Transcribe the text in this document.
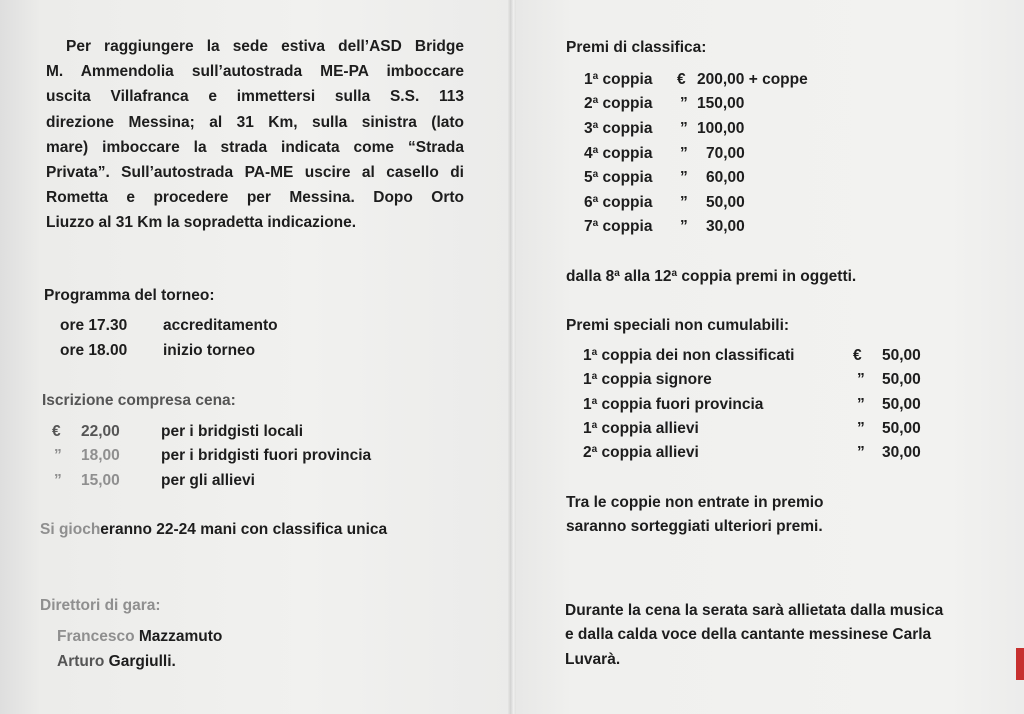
Per raggiungere la sede estiva dell’ASD Bridge
M. Ammendolia sull’autostrada ME-PA imboccare
uscita Villafranca e immettersi sulla S.S. 113
direzione Messina; al 31 Km, sulla sinistra (lato
mare) imboccare la strada indicata come “Strada
Privata”. Sull’autostrada PA-ME uscire al casello di
Rometta e procedere per Messina. Dopo Orto
Liuzzo al 31 Km la sopradetta indicazione.
Programma del torneo:
ore 17.30 accreditamento
ore 18.00 inizio torneo
Iscrizione compresa cena:
€ 22,00	per i bridgisti locali
” 18,00	per i bridgisti fuori provincia
” 15,00	per gli allievi
Si giocheranno 22-24 mani con classifica unica
Direttori di gara:
Francesco Mazzamuto
Arturo Gargiulli.
Premi di classifica:
1$^a$ coppia € 200,00 + coppe
2$^a$ coppia ” 150,00
3$^a$ coppia ” 100,00
4$^a$ coppia ” 70,00
5$^a$ coppia ” 60,00
6$^a$ coppia ” 50,00
7$^a$ coppia ” 30,00
dalla 8$^a$ alla 12$^a$ coppia premi in oggetti.
Premi speciali non cumulabili:
1$^a$ coppia dei non classificati	€ 50,00
1$^a$ coppia signore	” 50,00
1$^a$ coppia fuori provincia	” 50,00
1$^a$ coppia allievi	” 50,00
2$^a$ coppia allievi	” 30,00
Tra le coppie non entrate in premio
saranno sorteggiati ulteriori premi.
Durante la cena la serata sarà allietata dalla musica
e dalla calda voce della cantante messinese Carla
Luvarà.
